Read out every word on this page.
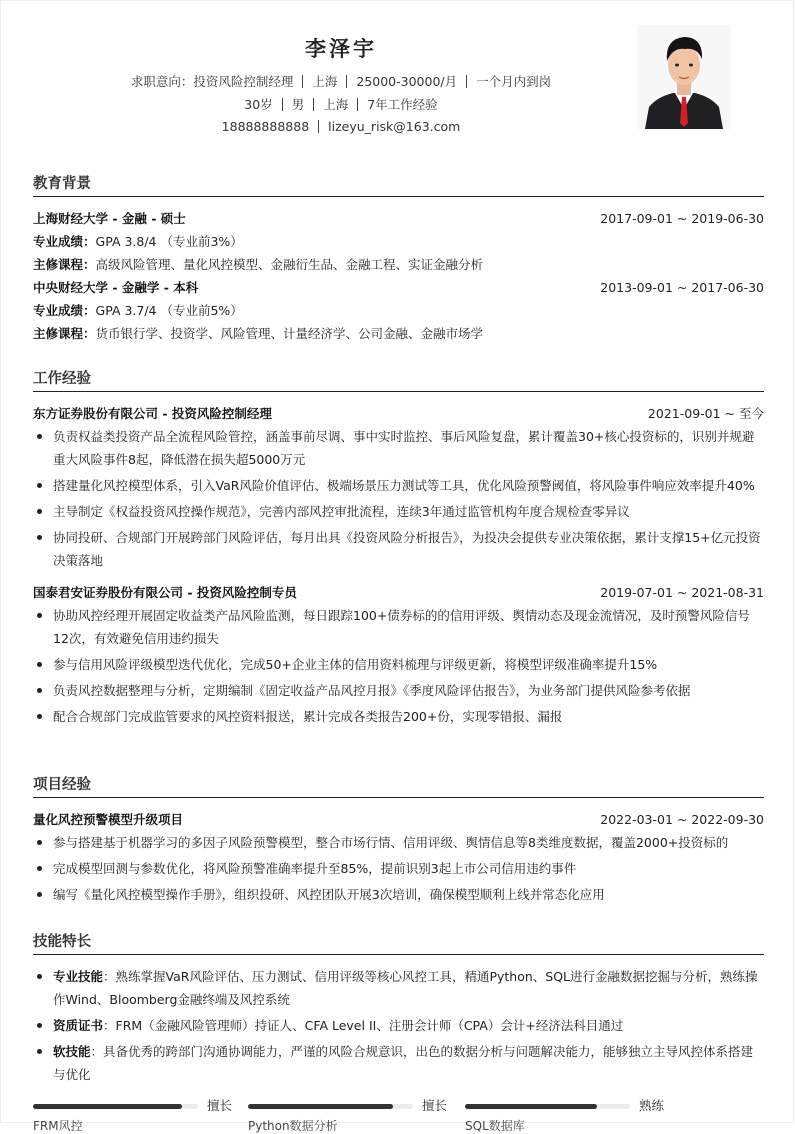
李泽宇
求职意向：投资风险控制经理 上海 25000-30000/月 一个月内到岗
30岁 男 上海 7年工作经验
18888888888 lizeyu_risk@163.com
教育背景
上海财经大学 - 金融 - 硕士	2017-09-01 ~ 2019-06-30
专业成绩：GPA 3.8/4 （专业前3%）
主修课程：高级风险管理、量化风控模型、金融衍生品、金融工程、实证金融分析
中央财经大学 - 金融学 - 本科	2013-09-01 ~ 2017-06-30
专业成绩：GPA 3.7/4 （专业前5%）
主修课程：货币银行学、投资学、风险管理、计量经济学、公司金融、金融市场学
工作经验
东方证券股份有限公司 - 投资风险控制经理	2021-09-01 ~ 至今
负责权益类投资产品全流程风险管控，涵盖事前尽调、事中实时监控、事后风险复盘，累计覆盖30+核心投资标的，识别并规避重大风险事件8起，降低潜在损失超5000万元
搭建量化风控模型体系，引入VaR风险价值评估、极端场景压力测试等工具，优化风险预警阈值，将风险事件响应效率提升40%
主导制定《权益投资风控操作规范》，完善内部风控审批流程，连续3年通过监管机构年度合规检查零异议
协同投研、合规部门开展跨部门风险评估，每月出具《投资风险分析报告》，为投决会提供专业决策依据，累计支撑15+亿元投资决策落地
国泰君安证券股份有限公司 - 投资风险控制专员	2019-07-01 ~ 2021-08-31
协助风控经理开展固定收益类产品风险监测，每日跟踪100+债券标的的信用评级、舆情动态及现金流情况，及时预警风险信号12次，有效避免信用违约损失
参与信用风险评级模型迭代优化，完成50+企业主体的信用资料梳理与评级更新，将模型评级准确率提升15%
负责风控数据整理与分析，定期编制《固定收益产品风控月报》《季度风险评估报告》，为业务部门提供风险参考依据
配合合规部门完成监管要求的风控资料报送，累计完成各类报告200+份，实现零错报、漏报
项目经验
量化风控预警模型升级项目	2022-03-01 ~ 2022-09-30
参与搭建基于机器学习的多因子风险预警模型，整合市场行情、信用评级、舆情信息等8类维度数据，覆盖2000+投资标的
完成模型回测与参数优化，将风险预警准确率提升至85%，提前识别3起上市公司信用违约事件
编写《量化风控模型操作手册》，组织投研、风控团队开展3次培训，确保模型顺利上线并常态化应用
技能特长
专业技能：熟练掌握VaR风险评估、压力测试、信用评级等核心风控工具，精通Python、SQL进行金融数据挖掘与分析，熟练操作Wind、Bloomberg金融终端及风控系统
资质证书：FRM（金融风险管理师）持证人、CFA Level II、注册会计师（CPA）会计+经济法科目通过
软技能：具备优秀的跨部门沟通协调能力，严谨的风险合规意识，出色的数据分析与问题解决能力，能够独立主导风控体系搭建与优化
擅长
FRM风控
擅长
Python数据分析
熟练
SQL数据库
